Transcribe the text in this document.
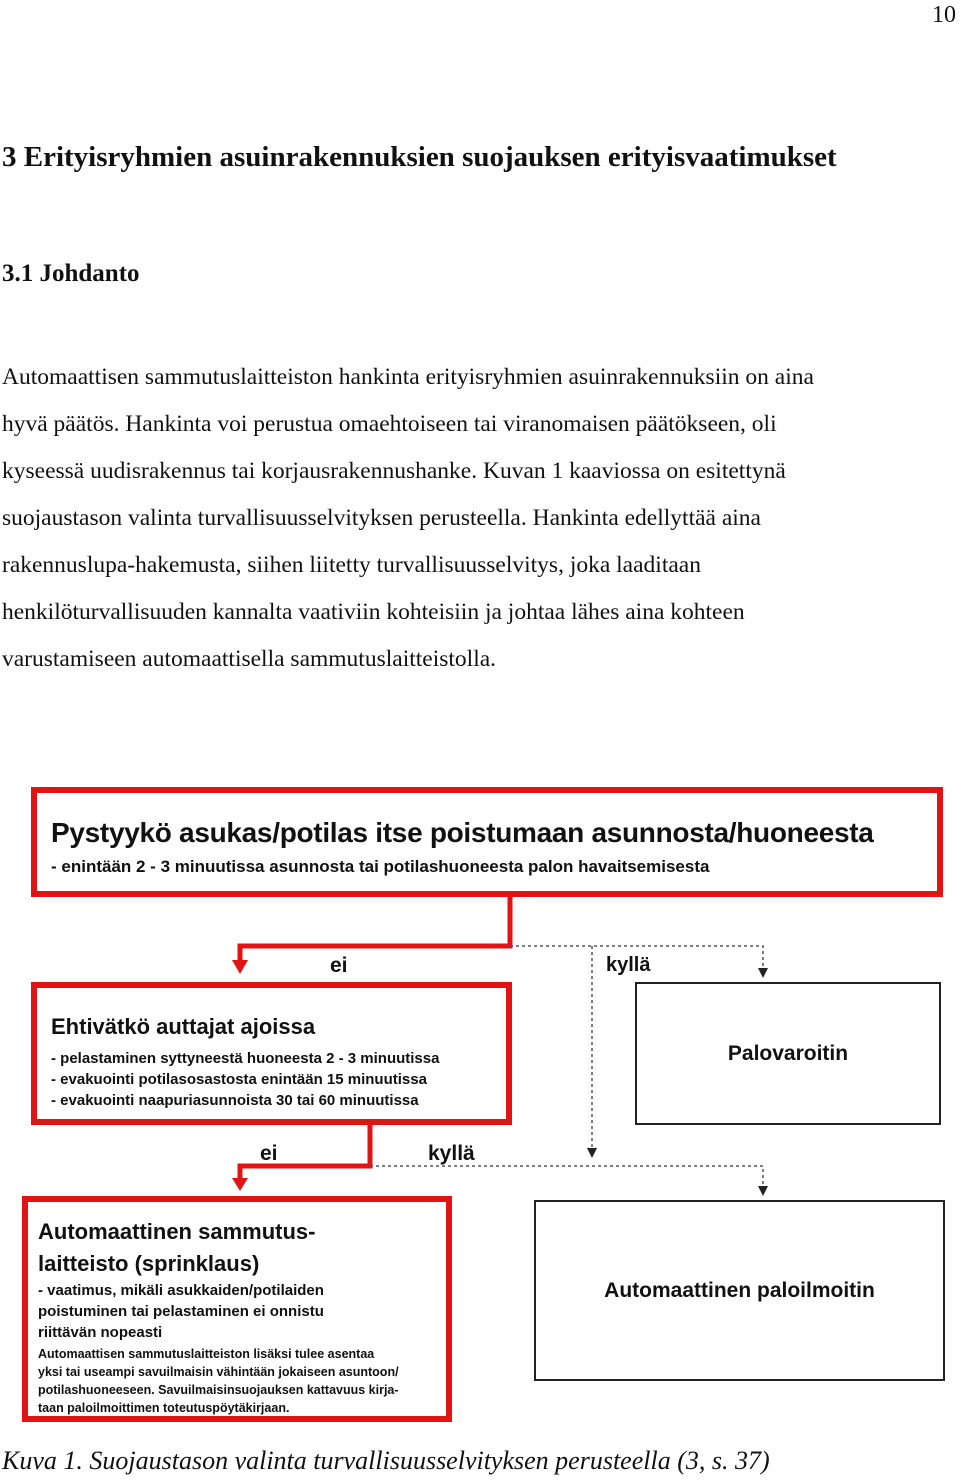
10
3 Erityisryhmien asuinrakennuksien suojauksen erityisvaatimukset
3.1 Johdanto

Automaattisen sammutuslaitteiston hankinta erityisryhmien asuinrakennuksiin on aina
hyvä päätös. Hankinta voi perustua omaehtoiseen tai viranomaisen päätökseen, oli
kyseessä uudisrakennus tai korjausrakennushanke. Kuvan 1 kaaviossa on esitettynä
suojaustason valinta turvallisuusselvityksen perusteella. Hankinta edellyttää aina
rakennuslupa-hakemusta, siihen liitetty turvallisuusselvitys, joka laaditaan
henkilöturvallisuuden kannalta vaativiin kohteisiin ja johtaa lähes aina kohteen
varustamiseen automaattisella sammutuslaitteistolla.

Pystyykö asukas/potilas itse poistumaan asunnosta/huoneesta
- enintään 2 - 3 minuutissa asunnosta tai potilashuoneesta palon havaitsemisesta
ei	kyllä
Ehtivätkö auttajat ajoissa
- pelastaminen syttyneestä huoneesta 2 - 3 minuutissa
- evakuointi potilasosastosta enintään 15 minuutissa
- evakuointi naapuriasunnoista 30 tai 60 minuutissa
Palovaroitin
ei	kyllä
Automaattinen sammutus-
laitteisto (sprinklaus)
- vaatimus, mikäli asukkaiden/potilaiden
poistuminen tai pelastaminen ei onnistu
riittävän nopeasti
Automaattisen sammutuslaitteiston lisäksi tulee asentaa
yksi tai useampi savuilmaisin vähintään jokaiseen asuntoon/
potilashuoneeseen. Savuilmaisinsuojauksen kattavuus kirja-
taan paloilmoittimen toteutuspöytäkirjaan.
Automaattinen paloilmoitin
Kuva 1. Suojaustason valinta turvallisuusselvityksen perusteella (3, s. 37)
